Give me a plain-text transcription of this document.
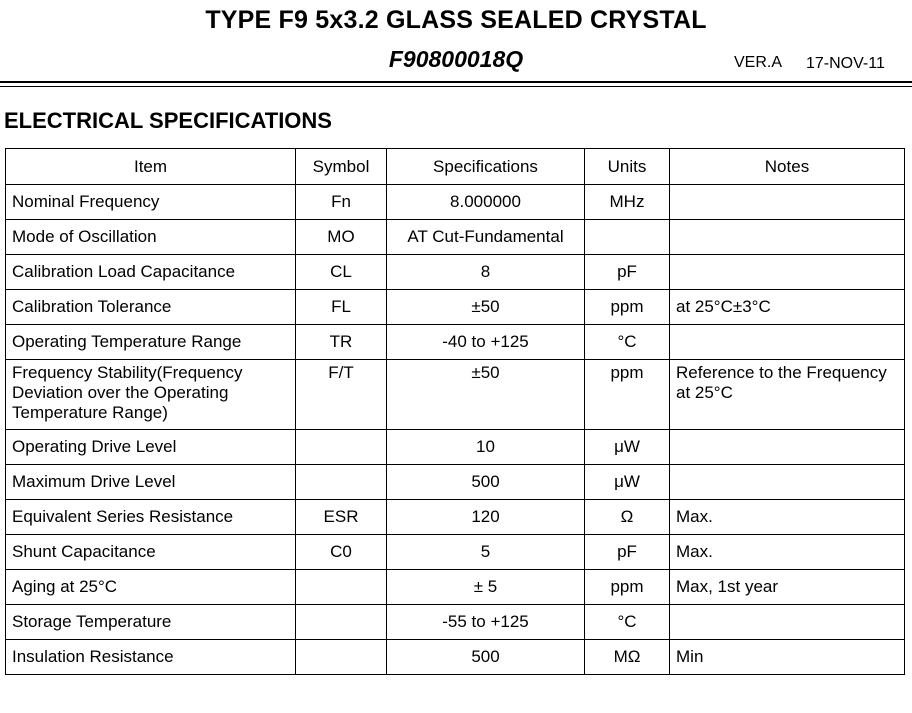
TYPE F9 5x3.2 GLASS SEALED CRYSTAL
F90800018Q	VER.A 17-NOV-11
ELECTRICAL SPECIFICATIONS
Item	Symbol	Specifications	Units	Notes
Nominal Frequency	Fn	8.000000	MHz	
Mode of Oscillation	MO	AT Cut-Fundamental		
Calibration Load Capacitance	CL	8	pF	
Calibration Tolerance	FL	±50	ppm	at 25°C±3°C
Operating Temperature Range	TR	-40 to +125	°C	
Frequency Stability(Frequency Deviation over the Operating Temperature Range)	F/T	±50	ppm	Reference to the Frequency at 25°C
Operating Drive Level		10	μW	
Maximum Drive Level		500	μW	
Equivalent Series Resistance	ESR	120	Ω	Max.
Shunt Capacitance	C0	5	pF	Max.
Aging at 25°C		± 5	ppm	Max, 1st year
Storage Temperature		-55 to +125	°C	
Insulation Resistance		500	MΩ	Min
